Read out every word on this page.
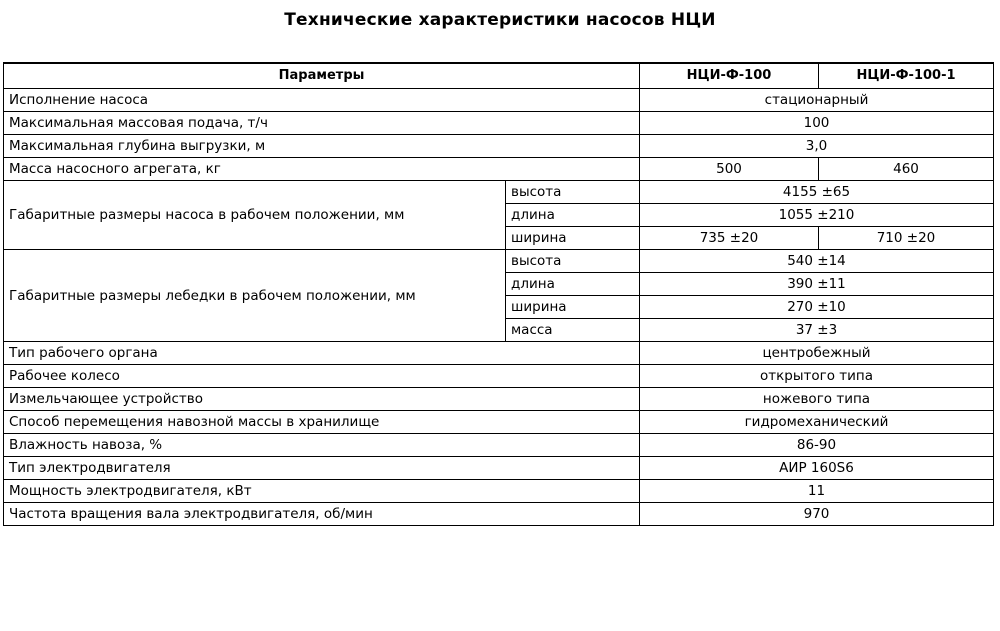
Технические характеристики насосов НЦИ
Параметры		НЦИ-Ф-100	НЦИ-Ф-100-1
Исполнение насоса		стационарный	
Максимальная массовая подача, т/ч		100	
Максимальная глубина выгрузки, м		3,0	
Масса насосного агрегата, кг		500	460
Габаритные размеры насоса в рабочем положении, мм	высота	4155 ±65	
	длина	1055 ±210	
	ширина	735 ±20	710 ±20
Габаритные размеры лебедки в рабочем положении, мм	высота	540 ±14	
	длина	390 ±11	
	ширина	270 ±10	
	масса	37 ±3	
Тип рабочего органа		центробежный	
Рабочее колесо		открытого типа	
Измельчающее устройство		ножевого типа	
Способ перемещения навозной массы в хранилище		гидромеханический	
Влажность навоза, %		86-90	
Тип электродвигателя		АИР 160S6	
Мощность электродвигателя, кВт		11	
Частота вращения вала электродвигателя, об/мин		970	
